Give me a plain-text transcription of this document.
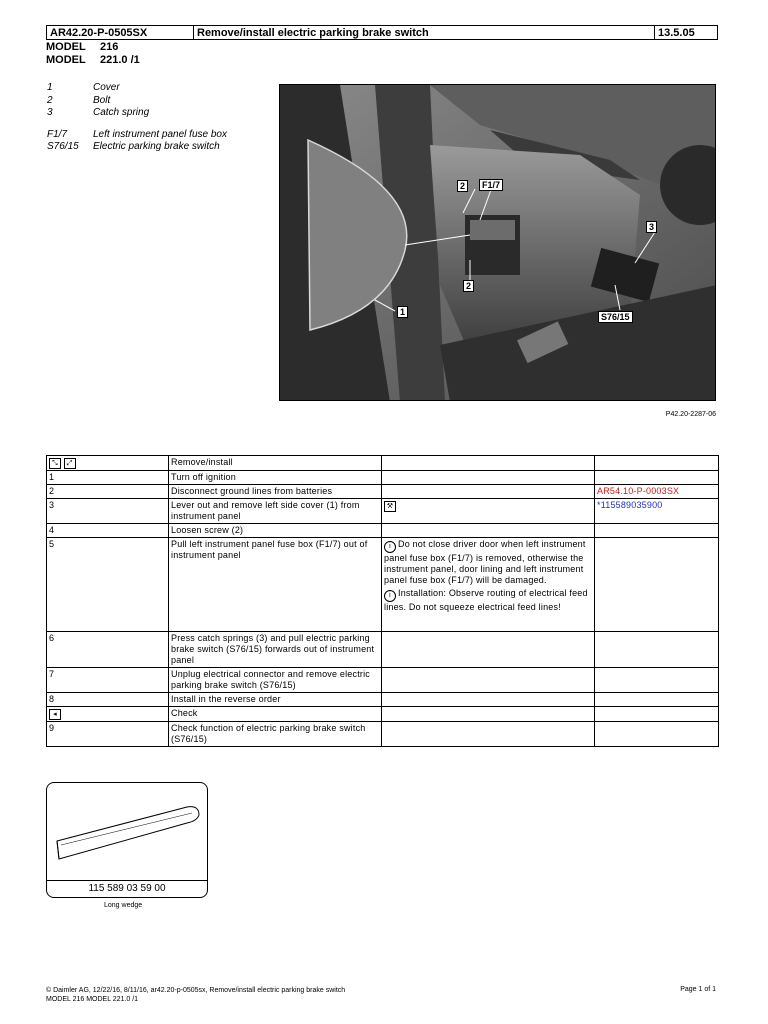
AR42.20-P-0505SX	Remove/install electric parking brake switch	13.5.05
MODEL 216
MODEL 221.0 /1
1	Cover
2	Bolt
3	Catch spring
F1/7	Left instrument panel fuse box
S76/15 Electric parking brake switch
2	F1/7
3
2
1	S76/15
P42.20-2287-06
⤡ ⤢	Remove/install		
1	Turn off ignition		
2	Disconnect ground lines from batteries		AR54.10-P-0003SX
3	Lever out and remove left side cover (1) from instrument panel	⚒	*115589035900
4	Loosen screw (2)		
5	Pull left instrument panel fuse box (F1/7) out of instrument panel	i Do not close driver door when left instrument panel fuse box (F1/7) is removed, otherwise the instrument panel, door lining and left instrument panel fuse box (F1/7) will be damaged.
i Installation: Observe routing of electrical feed lines. Do not squeeze electrical feed lines!	

6	Press catch springs (3) and pull electric parking brake switch (S76/15) forwards out of instrument panel		
7	Unplug electrical connector and remove electric parking brake switch (S76/15)		
8	Install in the reverse order		
◂	Check		
9	Check function of electric parking brake switch (S76/15)		
115 589 03 59 00
Long wedge
© Daimler AG, 12/22/16, 8/11/16, ar42.20-p-0505sx, Remove/install electric parking brake switch
MODEL 216 MODEL 221.0 /1
Page 1 of 1
